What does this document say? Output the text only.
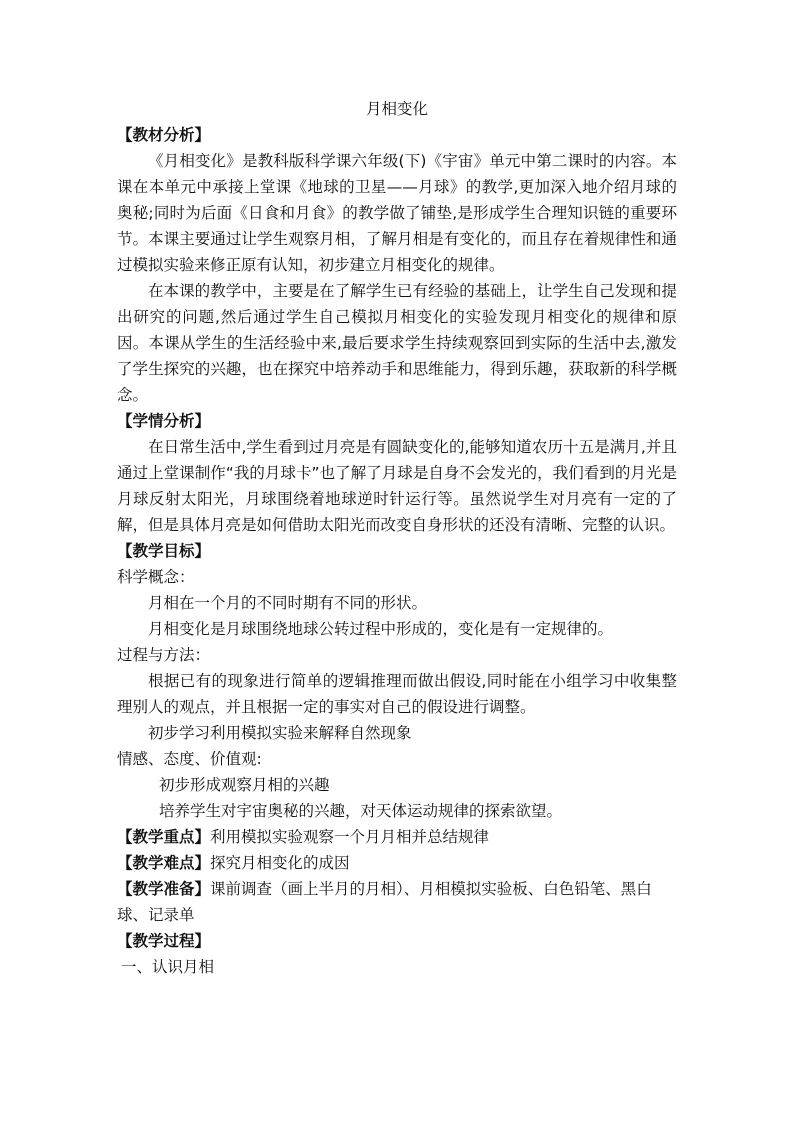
月相变化
【教材分析】

《月相变化》是教科版科学课六年级(下)《宇宙》单元中第二课时的内容。本课在本单元中承接上堂课《地球的卫星——月球》的教学,更加深入地介绍月球的奥秘;同时为后面《日食和月食》的教学做了铺垫,是形成学生合理知识链的重要环节。本课主要通过让学生观察月相，了解月相是有变化的，而且存在着规律性和通过模拟实验来修正原有认知，初步建立月相变化的规律。

在本课的教学中，主要是在了解学生已有经验的基础上，让学生自己发现和提出研究的问题,然后通过学生自己模拟月相变化的实验发现月相变化的规律和原因。本课从学生的生活经验中来,最后要求学生持续观察回到实际的生活中去,激发了学生探究的兴趣，也在探究中培养动手和思维能力，得到乐趣，获取新的科学概念。

【学情分析】

在日常生活中,学生看到过月亮是有圆缺变化的,能够知道农历十五是满月,并且通过上堂课制作“我的月球卡”也了解了月球是自身不会发光的，我们看到的月光是月球反射太阳光，月球围绕着地球逆时针运行等。虽然说学生对月亮有一定的了解，但是具体月亮是如何借助太阳光而改变自身形状的还没有清晰、完整的认识。

【教学目标】

科学概念：

月相在一个月的不同时期有不同的形状。

月相变化是月球围绕地球公转过程中形成的，变化是有一定规律的。

过程与方法：

根据已有的现象进行简单的逻辑推理而做出假设,同时能在小组学习中收集整理别人的观点，并且根据一定的事实对自己的假设进行调整。

初步学习利用模拟实验来解释自然现象

情感、态度、价值观:

初步形成观察月相的兴趣

培养学生对宇宙奥秘的兴趣，对天体运动规律的探索欲望。

【教学重点】利用模拟实验观察一个月月相并总结规律

【教学难点】探究月相变化的成因

【教学准备】课前调查（画上半月的月相）、月相模拟实验板、白色铅笔、黑白球、记录单

【教学过程】

一、认识月相
